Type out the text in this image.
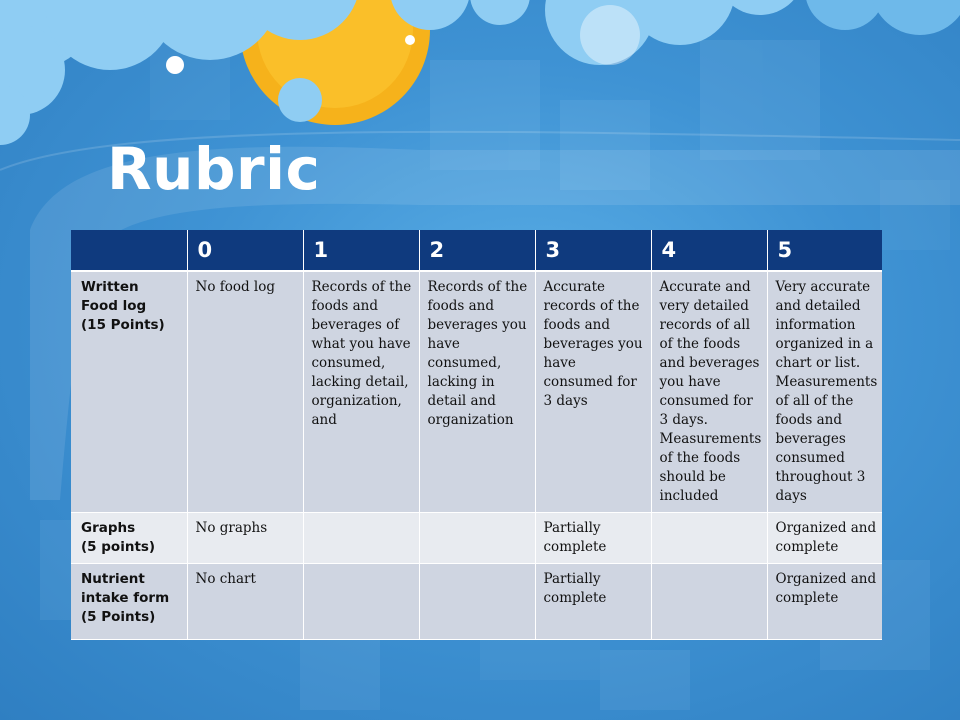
Rubric
	0	1	2	3	4	5

Written
Food log
(15 Points)	No food log	Records of the foods and beverages of what you have consumed, lacking detail, organization, and	Records of the foods and beverages you have consumed, lacking in detail and organization	Accurate records of the foods and beverages you have consumed for 3 days	Accurate and very detailed records of all of the foods and beverages you have consumed for 3 days. Measurements of the foods should be included	Very accurate and detailed information organized in a chart or list. Measurements of all of the foods and beverages consumed throughout 3 days

Graphs
(5 points)	No graphs			Partially complete		Organized and complete

Nutrient
intake form
(5 Points)	No chart			Partially complete		Organized and complete
